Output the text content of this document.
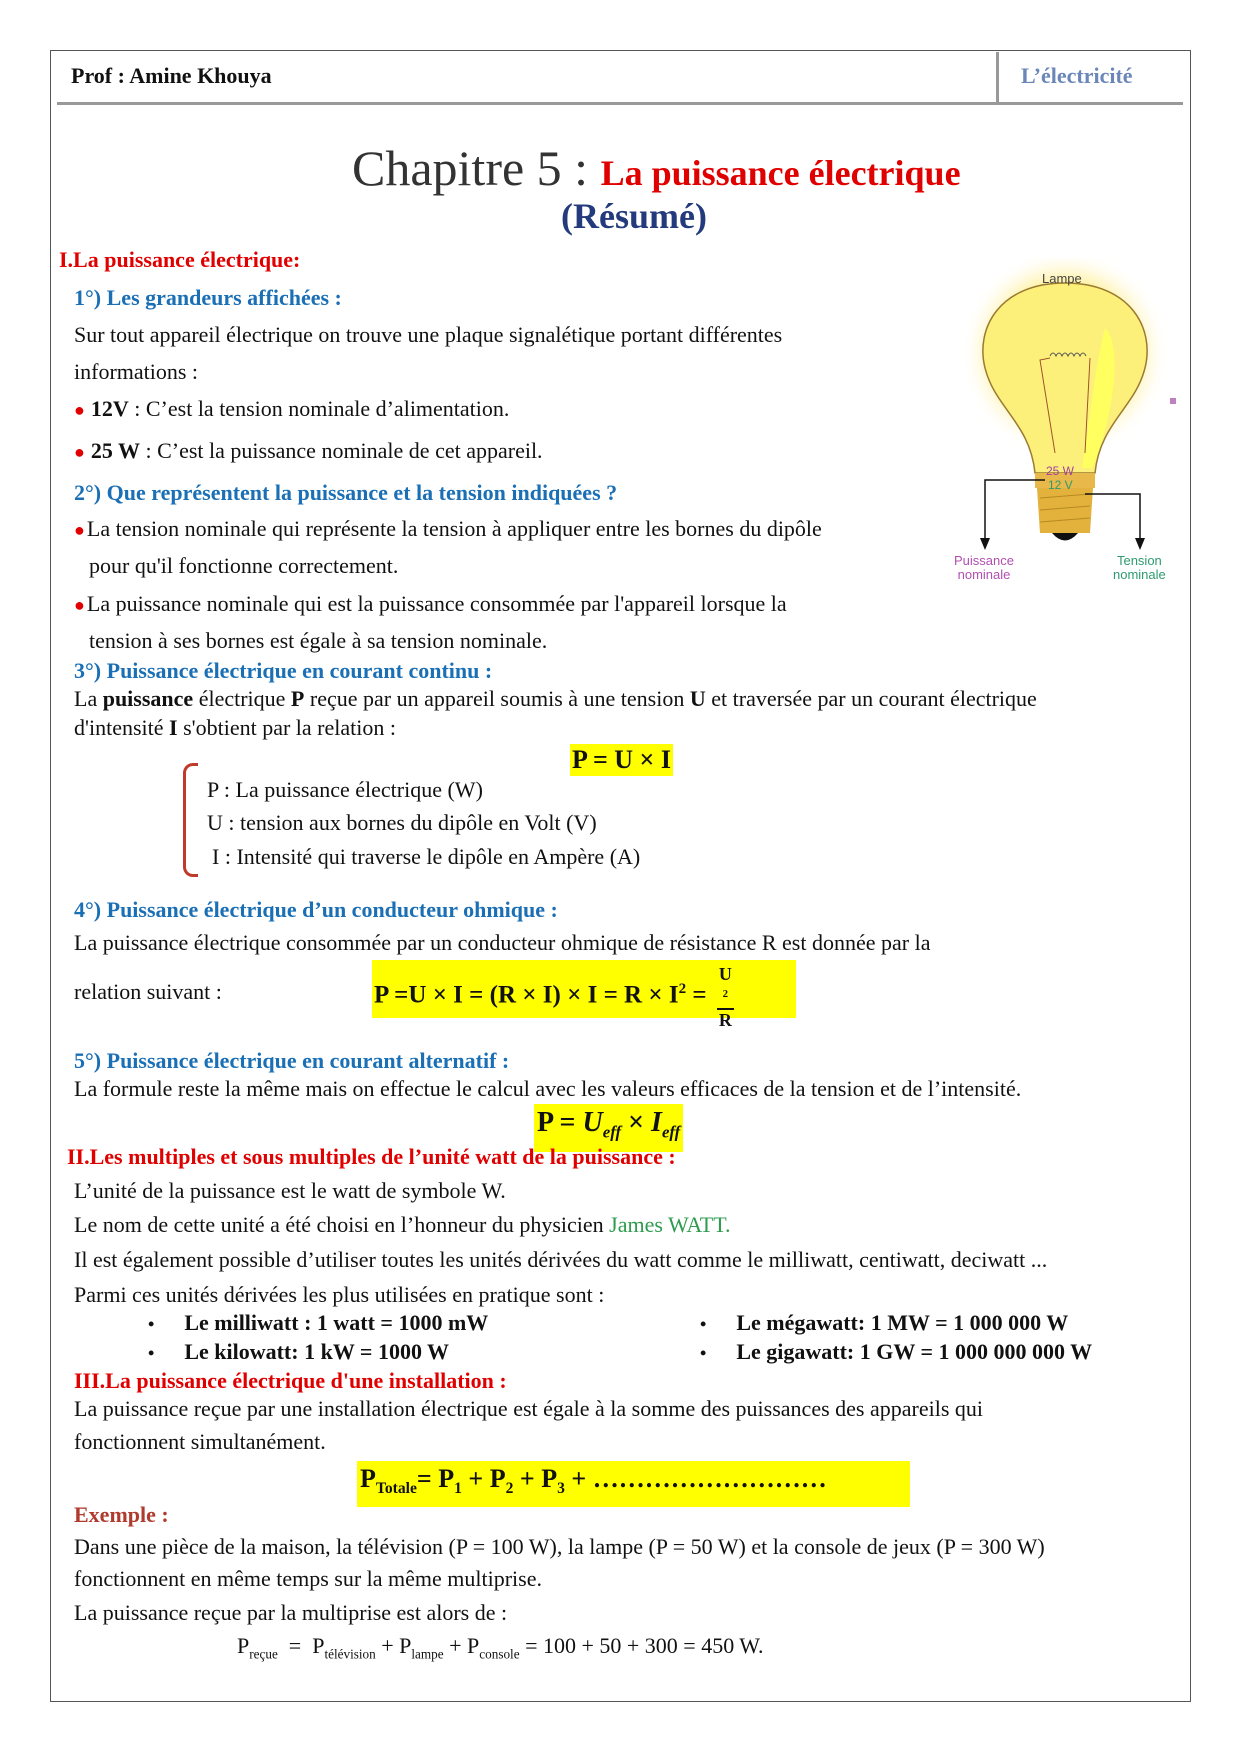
Prof : Amine Khouya	L’électricité
Chapitre 5 : La puissance électrique
(Résumé)
I.La puissance électrique:
1°) Les grandeurs affichées :
Sur tout appareil électrique on trouve une plaque signalétique portant différentes
informations :
● 12V : C’est la tension nominale d’alimentation.
● 25 W : C’est la puissance nominale de cet appareil.
2°) Que représentent la puissance et la tension indiquées ?
●La tension nominale qui représente la tension à appliquer entre les bornes du dipôle
pour qu'il fonctionne correctement.
●La puissance nominale qui est la puissance consommée par l'appareil lorsque la
tension à ses bornes est égale à sa tension nominale.
Lampe
25 W
12 V
Puissance
nominale
Tension
nominale
3°) Puissance électrique en courant continu :
La puissance électrique P reçue par un appareil soumis à une tension U et traversée par un courant électrique
d'intensité I s'obtient par la relation :
P = U × I
P : La puissance électrique (W)
U : tension aux bornes du dipôle en Volt (V)
I : Intensité qui traverse le dipôle en Ampère (A)
4°) Puissance électrique d’un conducteur ohmique :
La puissance électrique consommée par un conducteur ohmique de résistance R est donnée par la
relation suivant :	$P =U \times I = (R \times I) \times I = R \times I^2 = U$
$^2$
R
5°) Puissance électrique en courant alternatif :
La formule reste la même mais on effectue le calcul avec les valeurs efficaces de la tension et de l’intensité.
$P = U_{eff} \times I_{eff}$
II.Les multiples et sous multiples de l’unité watt de la puissance :
L’unité de la puissance est le watt de symbole W.
Le nom de cette unité a été choisi en l’honneur du physicien James WATT.
Il est également possible d’utiliser toutes les unités dérivées du watt comme le milliwatt, centiwatt, deciwatt ...
Parmi ces unités dérivées les plus utilisées en pratique sont :
• Le milliwatt : 1 watt = 1000 mW
• Le kilowatt: 1 kW = 1000 W
• Le mégawatt: 1 MW = 1 000 000 W
• Le gigawatt: 1 GW = 1 000 000 000 W
III.La puissance électrique d'une installation :
La puissance reçue par une installation électrique est égale à la somme des puissances des appareils qui
fonctionnent simultanément.
$P_{Totale}= P_1 + P_2 + P_3$ + ………………………
Exemple :
Dans une pièce de la maison, la télévision (P = 100 W), la lampe (P = 50 W) et la console de jeux (P = 300 W)
fonctionnent en même temps sur la même multiprise.
La puissance reçue par la multiprise est alors de :
$P_{reçue} = P_{télévision} + P_{lampe} + P_{console} = 100 + 50 + 300 = 450$ W.
